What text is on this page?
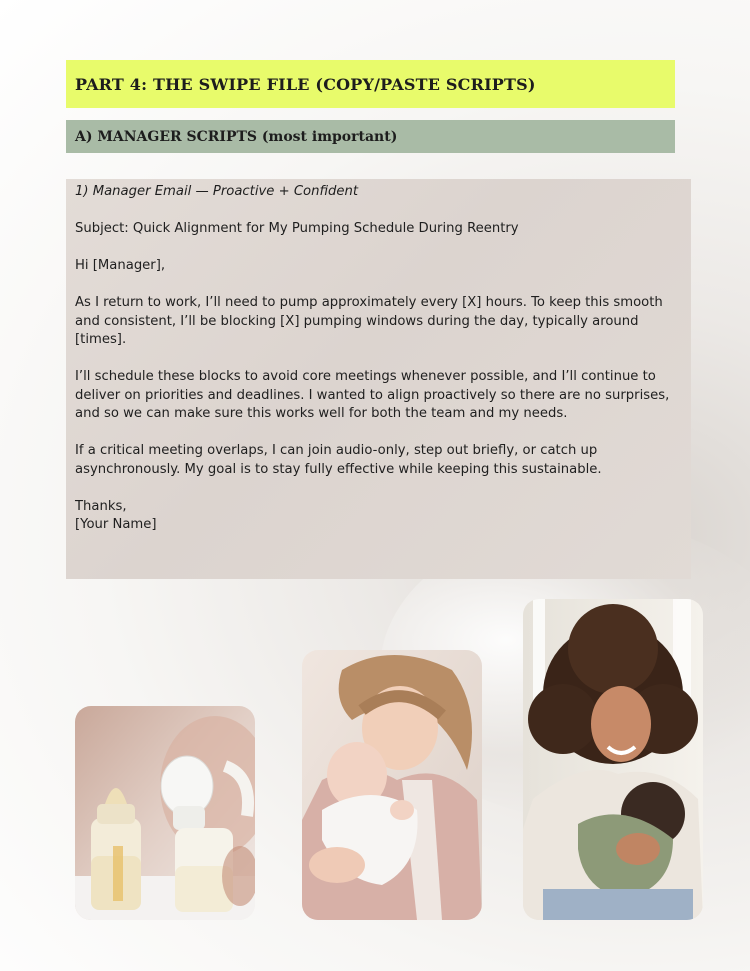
PART 4: THE SWIPE FILE (COPY/PASTE SCRIPTS)
A) MANAGER SCRIPTS (most important)

1) Manager Email — Proactive + Confident

Subject: Quick Alignment for My Pumping Schedule During Reentry

Hi [Manager],

As I return to work, I’ll need to pump approximately every [X] hours. To keep this smooth and consistent, I’ll be blocking [X] pumping windows during the day, typically around [times].

I’ll schedule these blocks to avoid core meetings whenever possible, and I’ll continue to deliver on priorities and deadlines. I wanted to align proactively so there are no surprises, and so we can make sure this works well for both the team and my needs.

If a critical meeting overlaps, I can join audio-only, step out briefly, or catch up asynchronously. My goal is to stay fully effective while keeping this sustainable.

Thanks,

[Your Name]
